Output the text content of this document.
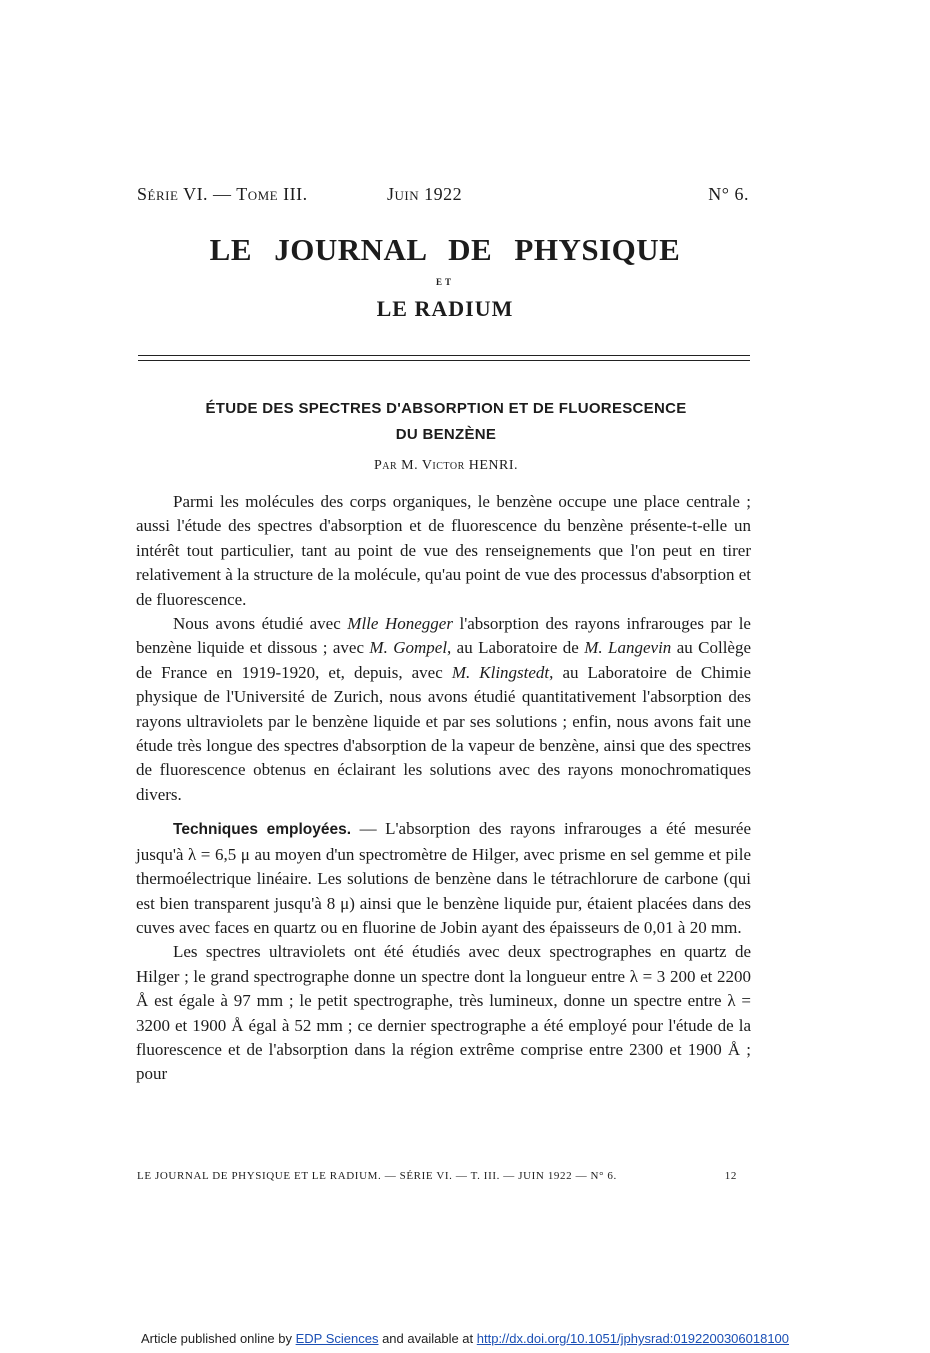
Série VI. — Tome III.	Juin 1922	N° 6.
LE JOURNAL DE PHYSIQUE
ET
LE RADIUM
ÉTUDE DES SPECTRES D'ABSORPTION ET DE FLUORESCENCE
DU BENZÈNE
Par M. Victor HENRI.

Parmi les molécules des corps organiques, le benzène occupe une place centrale ; aussi l'étude des spectres d'absorption et de fluorescence du benzène présente-t-elle un intérêt tout particulier, tant au point de vue des renseignements que l'on peut en tirer relativement à la structure de la molécule, qu'au point de vue des processus d'absorption et de fluorescence.

Nous avons étudié avec Mlle Honegger l'absorption des rayons infrarouges par le benzène liquide et dissous ; avec M. Gompel, au Laboratoire de M. Langevin au Collège de France en 1919-1920, et, depuis, avec M. Klingstedt, au Laboratoire de Chimie physique de l'Université de Zurich, nous avons étudié quantitativement l'absorption des rayons ultraviolets par le benzène liquide et par ses solutions ; enfin, nous avons fait une étude très longue des spectres d'absorption de la vapeur de benzène, ainsi que des spectres de fluorescence obtenus en éclairant les solutions avec des rayons monochromatiques divers.

Techniques employées. — L'absorption des rayons infrarouges a été mesurée jusqu'à λ = 6,5 μ au moyen d'un spectromètre de Hilger, avec prisme en sel gemme et pile thermoélectrique linéaire. Les solutions de benzène dans le tétrachlorure de carbone (qui est bien transparent jusqu'à 8 μ) ainsi que le benzène liquide pur, étaient placées dans des cuves avec faces en quartz ou en fluorine de Jobin ayant des épaisseurs de 0,01 à 20 mm.

Les spectres ultraviolets ont été étudiés avec deux spectrographes en quartz de Hilger ; le grand spectrographe donne un spectre dont la longueur entre λ = 3 200 et 2200 Å est égale à 97 mm ; le petit spectrographe, très lumineux, donne un spectre entre λ = 3200 et 1900 Å égal à 52 mm ; ce dernier spectrographe a été employé pour l'étude de la fluorescence et de l'absorption dans la région extrême comprise entre 2300 et 1900 Å ; pour

LE JOURNAL DE PHYSIQUE ET LE RADIUM. — SÉRIE VI. — T. III. — JUIN 1922 — N° 6.	12
Article published online by EDP Sciences and available at http://dx.doi.org/10.1051/jphysrad:0192200306018100
